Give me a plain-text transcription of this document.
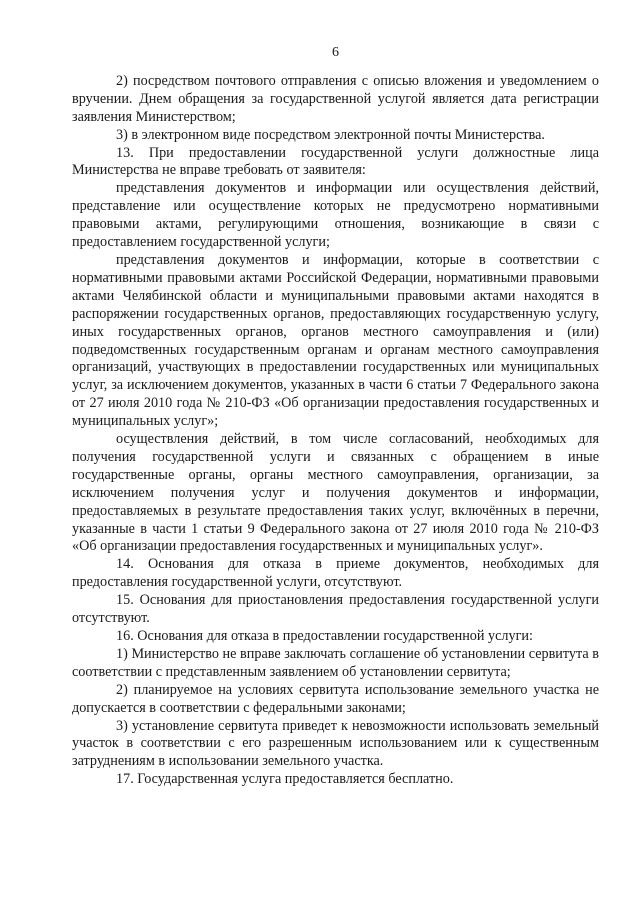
6

2) посредством почтового отправления с описью вложения и уведомлением о вручении. Днем обращения за государственной услугой является дата регистрации заявления Министерством;

3) в электронном виде посредством электронной почты Министерства.

13. При предоставлении государственной услуги должностные лица Министерства не вправе требовать от заявителя:

представления документов и информации или осуществления действий, представление или осуществление которых не предусмотрено нормативными правовыми актами, регулирующими отношения, возникающие в связи с предоставлением государственной услуги;

представления документов и информации, которые в соответствии с нормативными правовыми актами Российской Федерации, нормативными правовыми актами Челябинской области и муниципальными правовыми актами находятся в распоряжении государственных органов, предоставляющих государственную услугу, иных государственных органов, органов местного самоуправления и (или) подведомственных государственным органам и органам местного самоуправления организаций, участвующих в предоставлении государственных или муниципальных услуг, за исключением документов, указанных в части 6 статьи 7 Федерального закона от 27 июля 2010 года № 210-ФЗ «Об организации предоставления государственных и муниципальных услуг»;

осуществления действий, в том числе согласований, необходимых для получения государственной услуги и связанных с обращением в иные государственные органы, органы местного самоуправления, организации, за исключением получения услуг и получения документов и информации, предоставляемых в результате предоставления таких услуг, включённых в перечни, указанные в части 1 статьи 9 Федерального закона от 27 июля 2010 года № 210-ФЗ «Об организации предоставления государственных и муниципальных услуг».

14. Основания для отказа в приеме документов, необходимых для предоставления государственной услуги, отсутствуют.

15. Основания для приостановления предоставления государственной услуги отсутствуют.

16. Основания для отказа в предоставлении государственной услуги:

1) Министерство не вправе заключать соглашение об установлении сервитута в соответствии с представленным заявлением об установлении сервитута;

2) планируемое на условиях сервитута использование земельного участка не допускается в соответствии с федеральными законами;

3) установление сервитута приведет к невозможности использовать земельный участок в соответствии с его разрешенным использованием или к существенным затруднениям в использовании земельного участка.

17. Государственная услуга предоставляется бесплатно.
